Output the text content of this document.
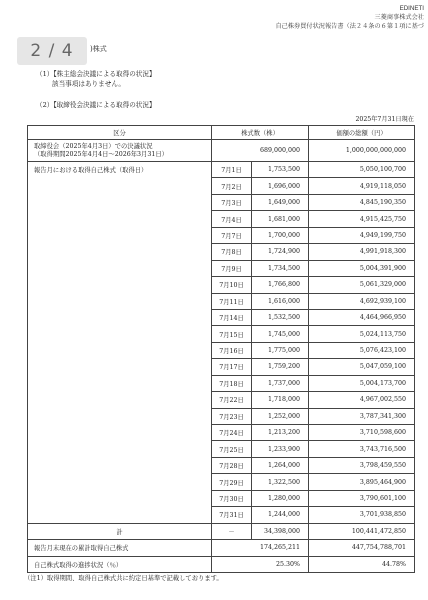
EDINETI
三菱商事株式会社
自己株券買付状況報告書（法２４条の６第１項に基づ
2 / 4	)株式
（1）【株主総会決議による取得の状況】
該当事項はありません。
（2）【取締役会決議による取得の状況】
2025年7月31日現在
区分	株式数（株）		価額の総額（円）

取締役会（2025年4月3日）での決議状況
（取得期間2025年4月4日～2026年3月31日）	689,000,000		1,000,000,000,000
報告月における取得自己株式（取得日）	7月1日	1,753,500	5,050,100,700
	7月2日	1,696,000	4,919,118,050
	7月3日	1,649,000	4,845,190,350
	7月4日	1,681,000	4,915,425,750
	7月7日	1,700,000	4,949,199,750
	7月8日	1,724,900	4,991,918,300
	7月9日	1,734,500	5,004,391,900
	7月10日	1,766,800	5,061,329,000
	7月11日	1,616,000	4,692,939,100
	7月14日	1,532,500	4,464,966,950
	7月15日	1,745,000	5,024,113,750
	7月16日	1,775,000	5,076,423,100
	7月17日	1,759,200	5,047,059,100
	7月18日	1,737,000	5,004,173,700
	7月22日	1,718,000	4,967,002,550
	7月23日	1,252,000	3,787,341,300
	7月24日	1,213,200	3,710,598,600
	7月25日	1,233,900	3,743,716,500
	7月28日	1,264,000	3,798,459,550
	7月29日	1,322,500	3,895,464,900
	7月30日	1,280,000	3,790,601,100
	7月31日	1,244,000	3,701,938,850
計	－	34,398,000	100,441,472,850
報告月末現在の累計取得自己株式	174,265,211		447,754,788,701
自己株式取得の進捗状況（％）	25.30%		44.78%
（注1）取得期間、取得自己株式共に約定日基準で記載しております。
